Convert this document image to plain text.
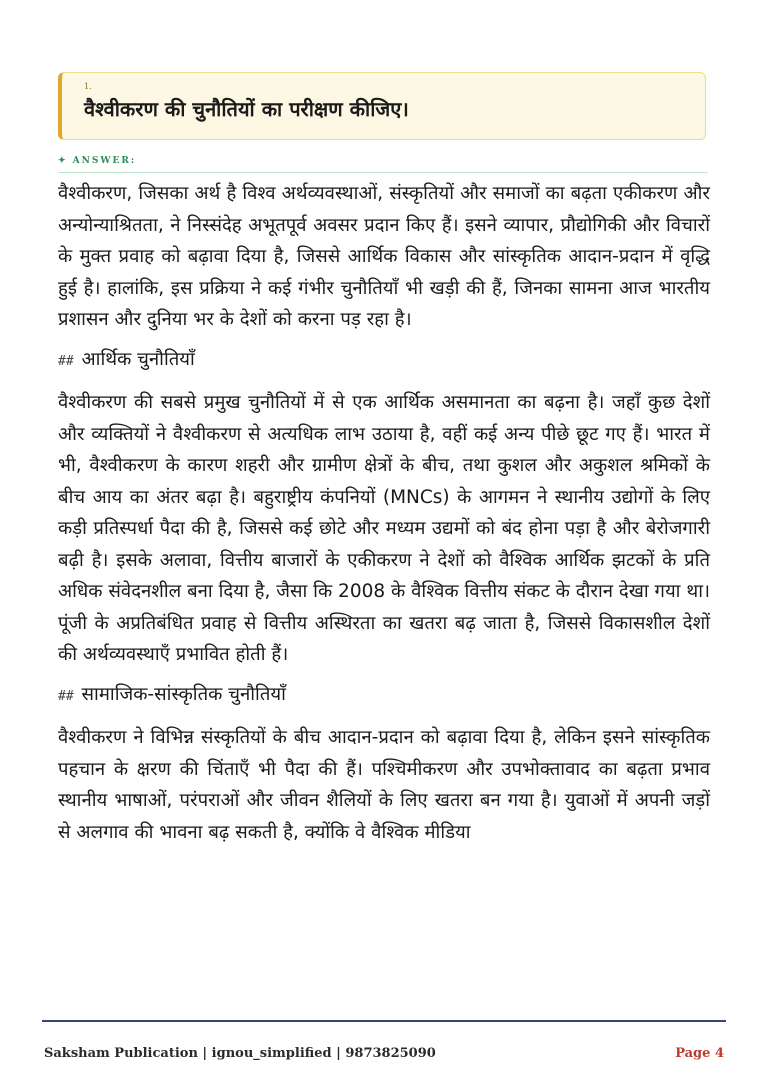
1.
वैश्वीकरण की चुनौतियों का परीक्षण कीजिए।
✦ ANSWER:

वैश्वीकरण, जिसका अर्थ है विश्व अर्थव्यवस्थाओं, संस्कृतियों और समाजों का बढ़ता एकीकरण और अन्योन्याश्रितता, ने निस्संदेह अभूतपूर्व अवसर प्रदान किए हैं। इसने व्यापार, प्रौद्योगिकी और विचारों के मुक्त प्रवाह को बढ़ावा दिया है, जिससे आर्थिक विकास और सांस्कृतिक आदान-प्रदान में वृद्धि हुई है। हालांकि, इस प्रक्रिया ने कई गंभीर चुनौतियाँ भी खड़ी की हैं, जिनका सामना आज भारतीय प्रशासन और दुनिया भर के देशों को करना पड़ रहा है।

## आर्थिक चुनौतियाँ

वैश्वीकरण की सबसे प्रमुख चुनौतियों में से एक आर्थिक असमानता का बढ़ना है। जहाँ कुछ देशों और व्यक्तियों ने वैश्वीकरण से अत्यधिक लाभ उठाया है, वहीं कई अन्य पीछे छूट गए हैं। भारत में भी, वैश्वीकरण के कारण शहरी और ग्रामीण क्षेत्रों के बीच, तथा कुशल और अकुशल श्रमिकों के बीच आय का अंतर बढ़ा है। बहुराष्ट्रीय कंपनियों (MNCs) के आगमन ने स्थानीय उद्योगों के लिए कड़ी प्रतिस्पर्धा पैदा की है, जिससे कई छोटे और मध्यम उद्यमों को बंद होना पड़ा है और बेरोजगारी बढ़ी है। इसके अलावा, वित्तीय बाजारों के एकीकरण ने देशों को वैश्विक आर्थिक झटकों के प्रति अधिक संवेदनशील बना दिया है, जैसा कि 2008 के वैश्विक वित्तीय संकट के दौरान देखा गया था। पूंजी के अप्रतिबंधित प्रवाह से वित्तीय अस्थिरता का खतरा बढ़ जाता है, जिससे विकासशील देशों की अर्थव्यवस्थाएँ प्रभावित होती हैं।

## सामाजिक-सांस्कृतिक चुनौतियाँ

वैश्वीकरण ने विभिन्न संस्कृतियों के बीच आदान-प्रदान को बढ़ावा दिया है, लेकिन इसने सांस्कृतिक पहचान के क्षरण की चिंताएँ भी पैदा की हैं। पश्चिमीकरण और उपभोक्तावाद का बढ़ता प्रभाव स्थानीय भाषाओं, परंपराओं और जीवन शैलियों के लिए खतरा बन गया है। युवाओं में अपनी जड़ों से अलगाव की भावना बढ़ सकती है, क्योंकि वे वैश्विक मीडिया

Saksham Publication | ignou_simplified | 9873825090	Page 4
